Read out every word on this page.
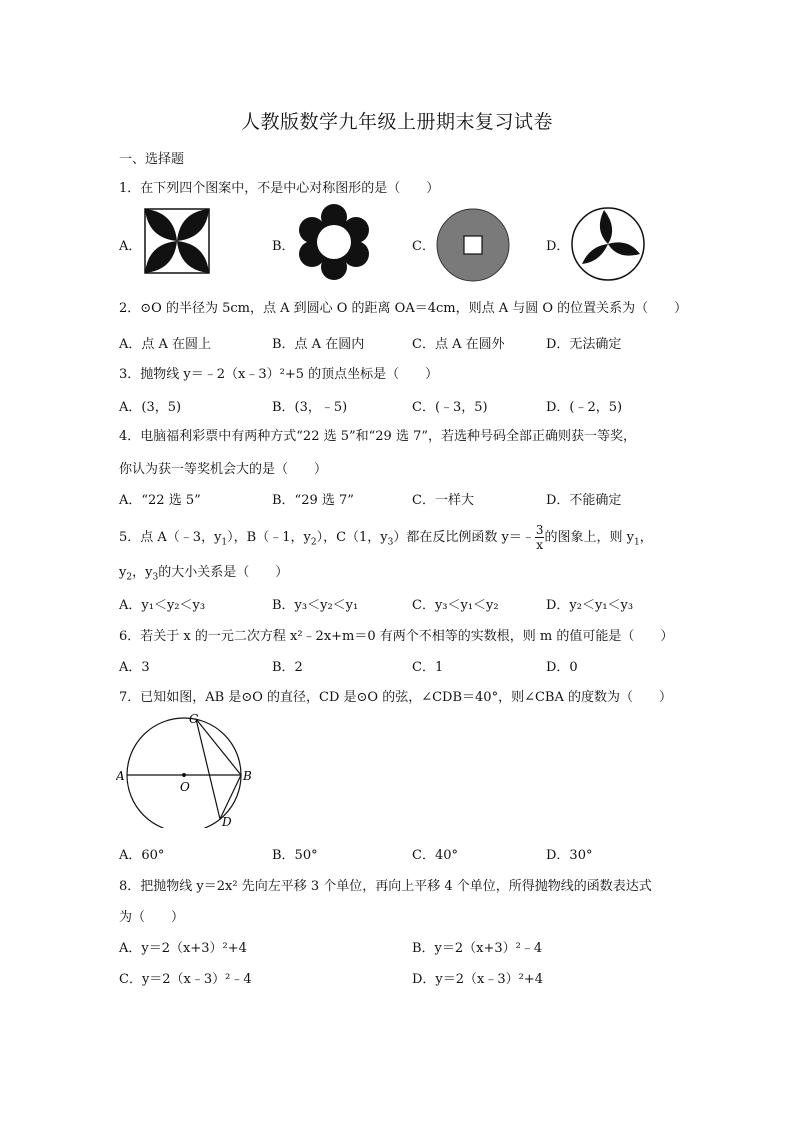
人教版数学九年级上册期末复习试卷
一、选择题
1．在下列四个图案中，不是中心对称图形的是（　　）
A．	B．	C．	D．
2．⊙O 的半径为 5cm，点 A 到圆心 O 的距离 OA＝4cm，则点 A 与圆 O 的位置关系为（　　）
A．点 A 在圆上	B．点 A 在圆内	C．点 A 在圆外	D．无法确定
3．抛物线 y＝﹣2（x﹣3）²+5 的顶点坐标是（　　）
A．(3，5)	B．(3，﹣5)	C．(﹣3，5)	D．(﹣2，5)
4．电脑福利彩票中有两种方式“22 选 5”和“29 选 7”，若选种号码全部正确则获一等奖，
你认为获一等奖机会大的是（　　）
A．“22 选 5”	B．“29 选 7”	C．一样大	D．不能确定
5．点 A（﹣3，$y_1$），B（﹣1，$y_2$），C（1，$y_3$）都在反比例函数 y＝﹣ $\frac{3}{x}$ 的图象上，则 $y_1$，
$y_2$，$y_3$的大小关系是（　　）
A．y₁＜y₂＜y₃	B．y₃＜y₂＜y₁	C．y₃＜y₁＜y₂	D．y₂＜y₁＜y₃
6．若关于 x 的一元二次方程 x²﹣2x+m＝0 有两个不相等的实数根，则 m 的值可能是（　　）
A．3	B．2	C．1	D．0
7．已知如图，AB 是⊙O 的直径，CD 是⊙O 的弦，∠CDB＝40°，则∠CBA 的度数为（　　）
A	B
C
D
O
A．60°	B．50°	C．40°	D．30°
8．把抛物线 y＝2x² 先向左平移 3 个单位，再向上平移 4 个单位，所得抛物线的函数表达式
为（　　）
A．y＝2（x+3）²+4	B．y＝2（x+3）²﹣4
C．y＝2（x﹣3）²﹣4	D．y＝2（x﹣3）²+4
